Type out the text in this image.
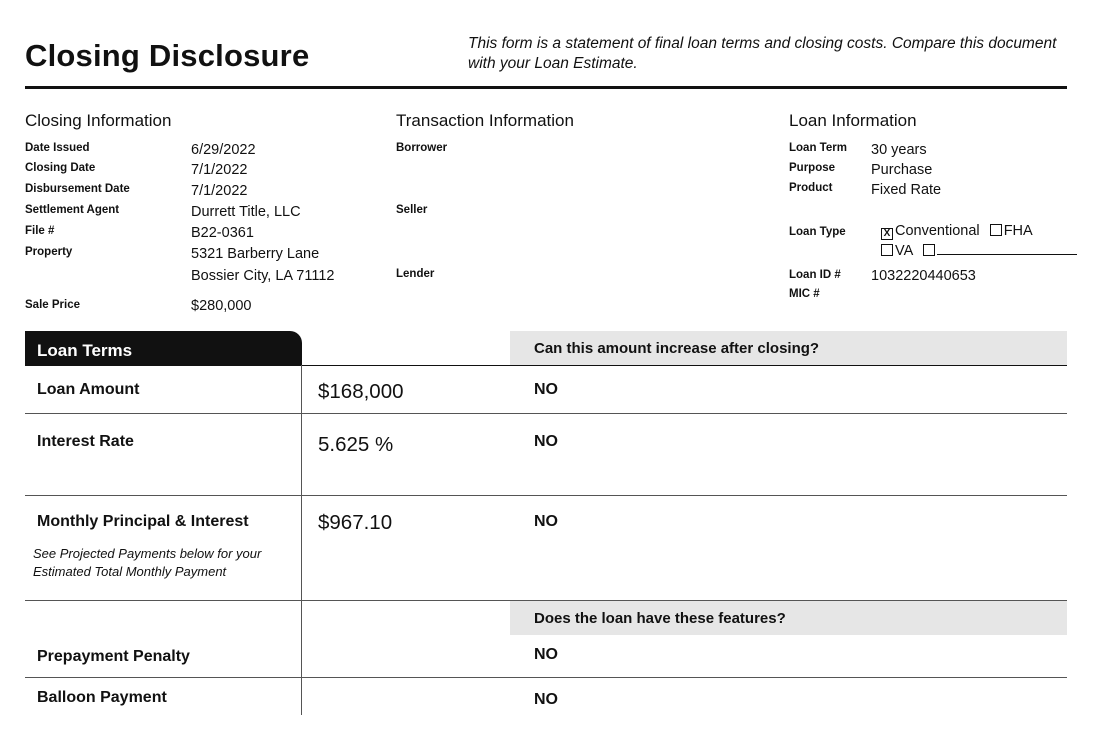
Closing Disclosure	This form is a statement of final loan terms and closing costs. Compare this document with your Loan Estimate.
Closing Information
Date Issued	6/29/2022
Closing Date	7/1/2022
Disbursement Date	7/1/2022
Settlement Agent	Durrett Title, LLC
File #	B22-0361
Property	5321 Barberry Lane
Bossier City, LA 71112
Sale Price	$280,000
Transaction Information
Borrower
Seller
Lender
Loan Information
Loan Term 30 years
Purpose Purchase
Product	Fixed Rate
Loan Type	X Conventional FHA
VA
Loan ID # 1032220440653
MIC #
Loan Terms	Can this amount increase after closing?
Loan Amount	$168,000	NO
Interest Rate	5.625 %	NO
Monthly Principal & Interest	$967.10	NO
See Projected Payments below for your
Estimated Total Monthly Payment
Does the loan have these features?
Prepayment Penalty	NO
Balloon Payment	NO
